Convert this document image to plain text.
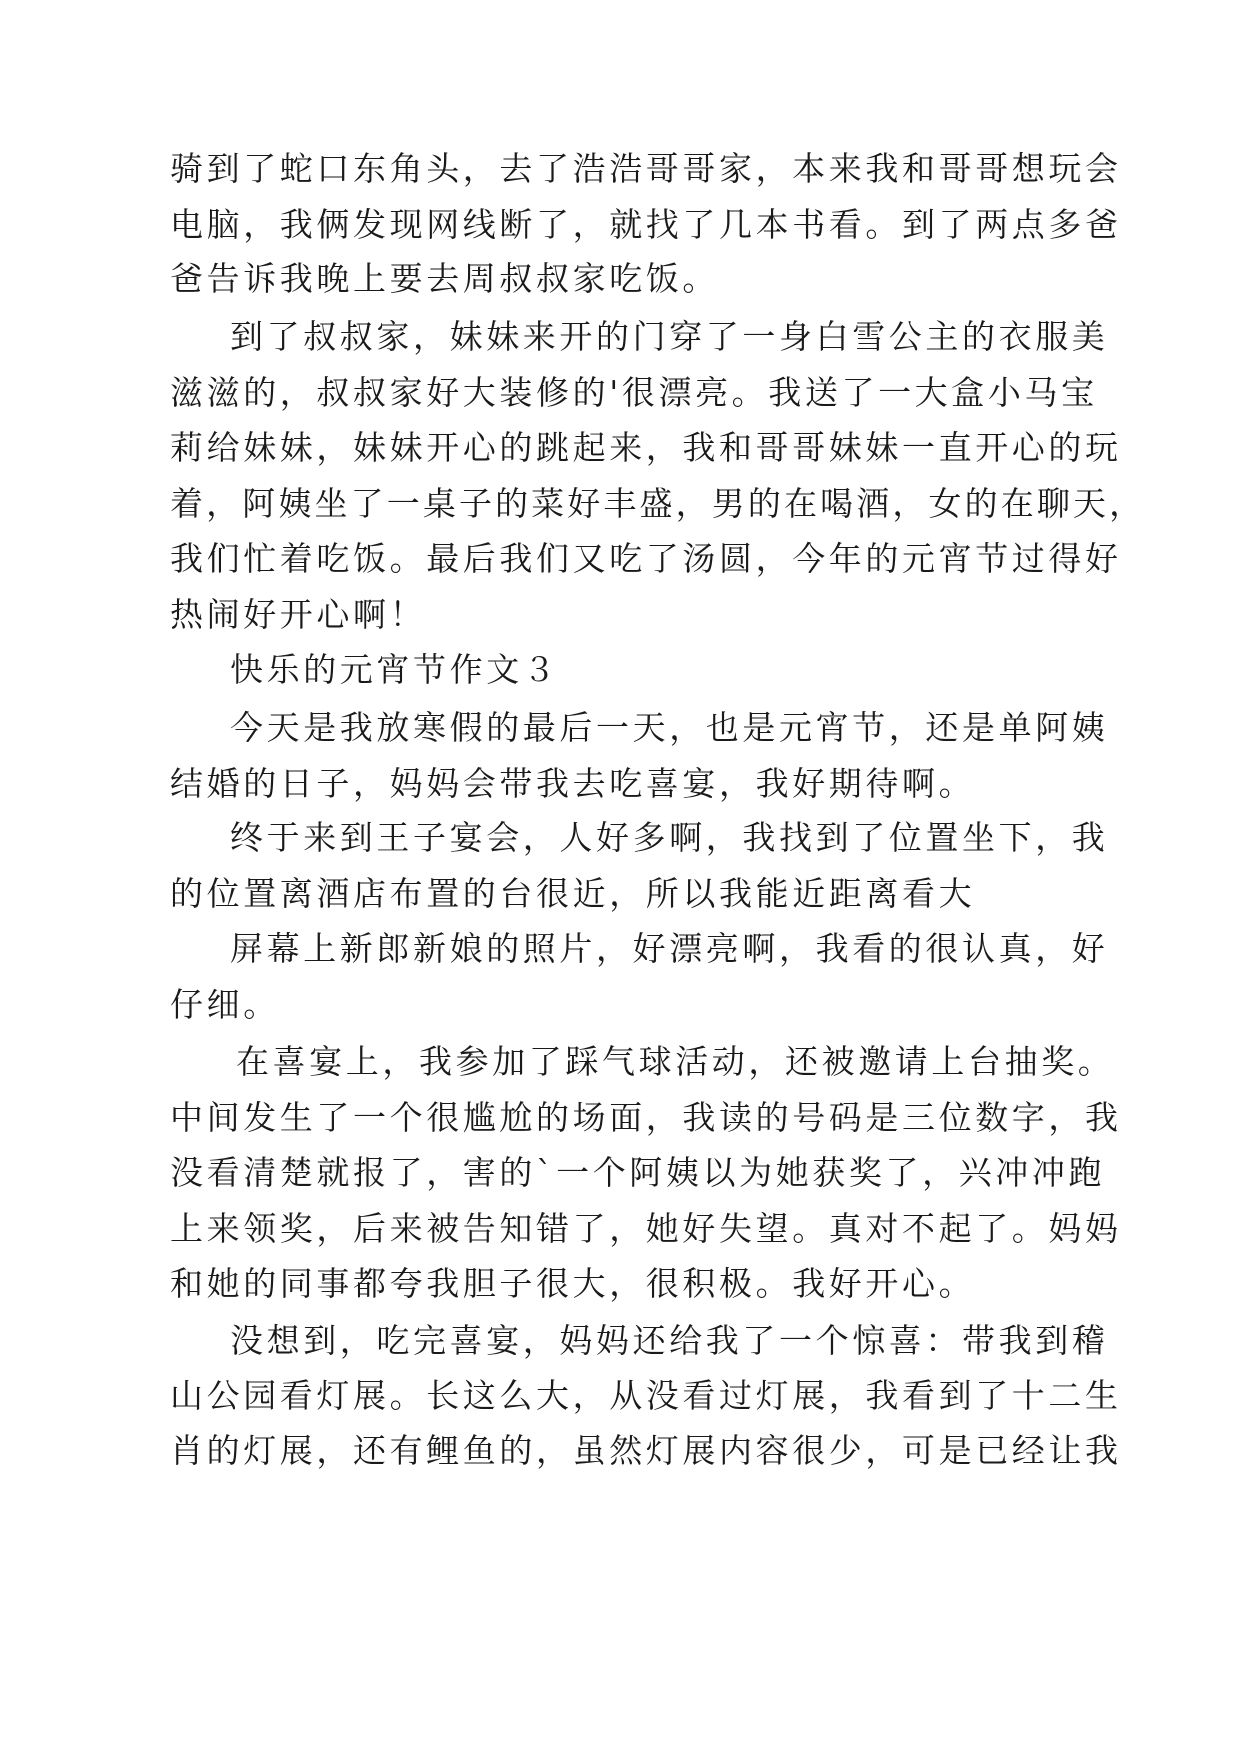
骑到了蛇口东角头，去了浩浩哥哥家，本来我和哥哥想玩会
电脑，我俩发现网线断了，就找了几本书看。到了两点多爸
爸告诉我晚上要去周叔叔家吃饭。
到了叔叔家，妹妹来开的门穿了一身白雪公主的衣服美
滋滋的，叔叔家好大装修的'很漂亮。我送了一大盒小马宝
莉给妹妹，妹妹开心的跳起来，我和哥哥妹妹一直开心的玩
着，阿姨坐了一桌子的菜好丰盛，男的在喝酒，女的在聊天，
我们忙着吃饭。最后我们又吃了汤圆，今年的元宵节过得好
热闹好开心啊！
快乐的元宵节作文３
今天是我放寒假的最后一天，也是元宵节，还是单阿姨
结婚的日子，妈妈会带我去吃喜宴，我好期待啊。
终于来到王子宴会，人好多啊，我找到了位置坐下，我
的位置离酒店布置的台很近，所以我能近距离看大
屏幕上新郎新娘的照片，好漂亮啊，我看的很认真，好
仔细。
在喜宴上，我参加了踩气球活动，还被邀请上台抽奖。
中间发生了一个很尴尬的场面，我读的号码是三位数字，我
没看清楚就报了，害的`一个阿姨以为她获奖了，兴冲冲跑
上来领奖，后来被告知错了，她好失望。真对不起了。妈妈
和她的同事都夸我胆子很大，很积极。我好开心。
没想到，吃完喜宴，妈妈还给我了一个惊喜：带我到稽
山公园看灯展。长这么大，从没看过灯展，我看到了十二生
肖的灯展，还有鲤鱼的，虽然灯展内容很少，可是已经让我
